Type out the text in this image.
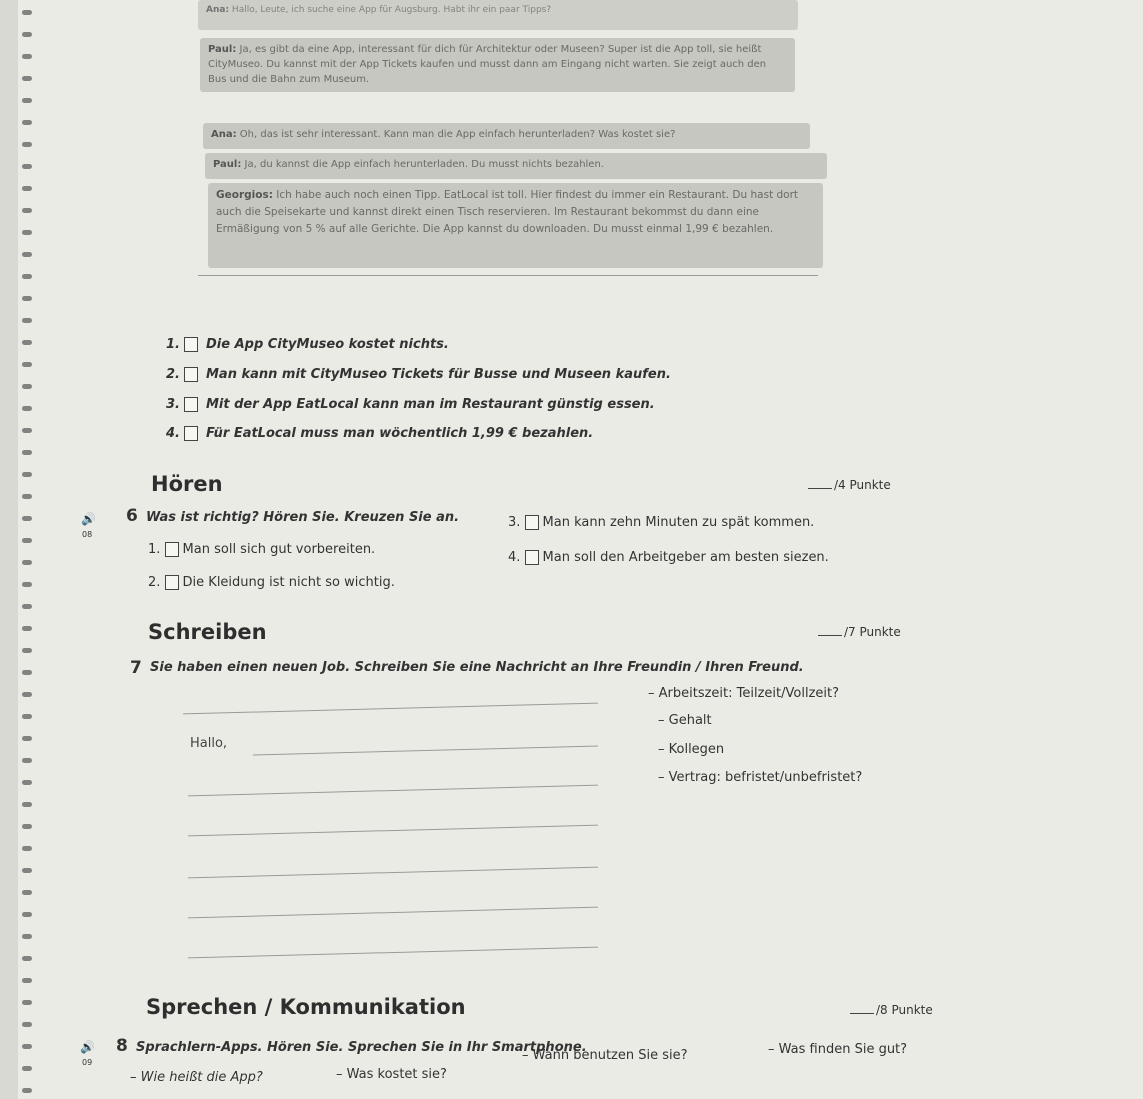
Ana: Hallo, Leute, ich suche eine App für Augsburg. Habt ihr ein paar Tipps?
Paul: Ja, es gibt da eine App, interessant für dich für Architektur oder Museen? Super ist die App toll, sie heißt CityMuseo. Du kannst mit der App Tickets kaufen und musst dann am Eingang nicht warten. Sie zeigt auch den Bus und die Bahn zum Museum.
Ana: Oh, das ist sehr interessant. Kann man die App einfach herunterladen? Was kostet sie?
Paul: Ja, du kannst die App einfach herunterladen. Du musst nichts bezahlen.
Georgios: Ich habe auch noch einen Tipp. EatLocal ist toll. Hier findest du immer ein Restaurant. Du hast dort auch die Speisekarte und kannst direkt einen Tisch reservieren. Im Restaurant bekommst du dann eine Ermäßigung von 5 % auf alle Gerichte. Die App kannst du downloaden. Du musst einmal 1,99 € bezahlen.
1. Die App CityMuseo kostet nichts.
2. Man kann mit CityMuseo Tickets für Busse und Museen kaufen.
3. Mit der App EatLocal kann man im Restaurant günstig essen.
4. Für EatLocal muss man wöchentlich 1,99 € bezahlen.
Hören	/4 Punkte
🔊
08
6 Was ist richtig? Hören Sie. Kreuzen Sie an.
1.
Man soll sich gut vorbereiten.
2.
Die Kleidung ist nicht so wichtig.
3.
Man kann zehn Minuten zu spät kommen.
4.
Man soll den Arbeitgeber am besten siezen.
Schreiben	/7 Punkte
7 Sie haben einen neuen Job. Schreiben Sie eine Nachricht an Ihre Freundin / Ihren Freund.
– Arbeitszeit: Teilzeit/Vollzeit?
– Gehalt
– Kollegen
– Vertrag: befristet/unbefristet?
Hallo,
Sprechen / Kommunikation	/8 Punkte
🔊
09
8 Sprachlern-Apps. Hören Sie. Sprechen Sie in Ihr Smartphone.
– Wie heißt die App?	– Was kostet sie?
– Wann benutzen Sie sie?	– Was finden Sie gut?
